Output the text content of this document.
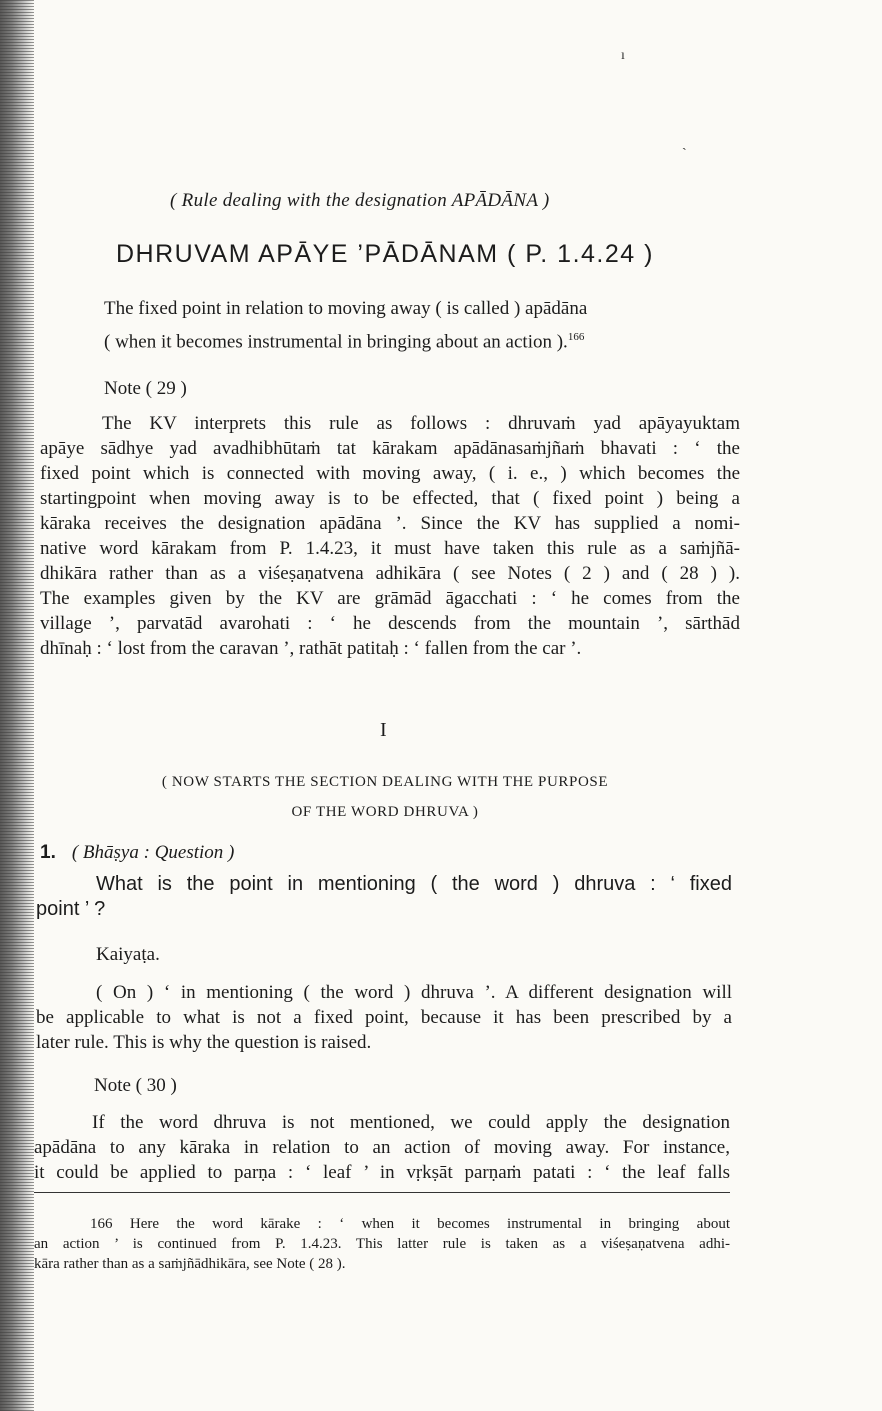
ı
ˎ
( Rule dealing with the designation APĀDĀNA )
DHRUVAM APĀYE ’PĀDĀNAM ( P. 1.4.24 )
The fixed point in relation to moving away ( is called ) apādāna
( when it becomes instrumental in bringing about an action ).$^{166}$
Note ( 29 )
The KV interprets this rule as follows : dhruvaṁ yad apāyayuktam
apāye sādhye yad avadhibhūtaṁ tat kārakam apādānasaṁjñaṁ bhavati : ‘ the
fixed point which is connected with moving away, ( i. e., ) which becomes the
startingpoint when moving away is to be effected, that ( fixed point ) being a
kāraka receives the designation apādāna ’. Since the KV has supplied a nomi-
native word kārakam from P. 1.4.23, it must have taken this rule as a saṁjñā-
dhikāra rather than as a viśeṣaṇatvena adhikāra ( see Notes ( 2 ) and ( 28 ) ).
The examples given by the KV are grāmād āgacchati : ‘ he comes from the
village ’, parvatād avarohati : ‘ he descends from the mountain ’, sārthād
dhīnaḥ : ‘ lost from the caravan ’, rathāt patitaḥ : ‘ fallen from the car ’.
I
( NOW STARTS THE SECTION DEALING WITH THE PURPOSE
OF THE WORD DHRUVA )
1. ( Bhāṣya : Question )
What is the point in mentioning ( the word ) dhruva : ‘ fixed
point ’ ?
Kaiyaṭa.
( On ) ‘ in mentioning ( the word ) dhruva ’. A different designation will
be applicable to what is not a fixed point, because it has been prescribed by a
later rule. This is why the question is raised.
Note ( 30 )
If the word dhruva is not mentioned, we could apply the designation
apādāna to any kāraka in relation to an action of moving away. For instance,
it could be applied to parṇa : ‘ leaf ’ in vṛkṣāt parṇaṁ patati : ‘ the leaf falls
166 Here the word kārake : ‘ when it becomes instrumental in bringing about
an action ’ is continued from P. 1.4.23. This latter rule is taken as a viśeṣaṇatvena adhi-
kāra rather than as a saṁjñādhikāra, see Note ( 28 ).
